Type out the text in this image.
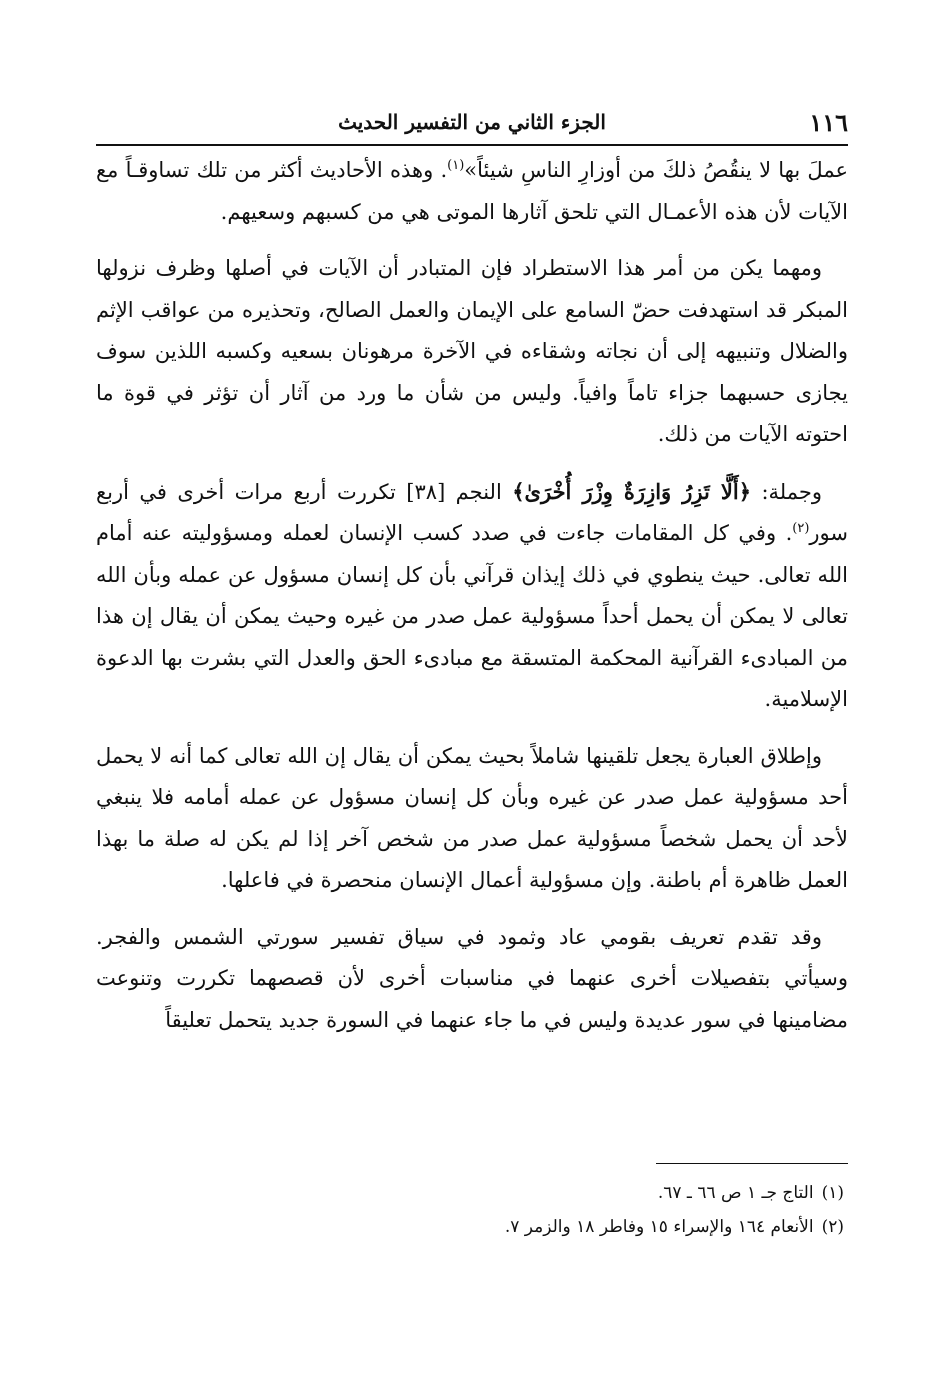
١١٦
الجزء الثاني من التفسير الحديث

عملَ بها لا ينقُصُ ذلكَ من أوزارِ الناسِ شيئاً»$^{(١)}$. وهذه الأحاديث أكثر من تلك تساوقـاً مع الآيات لأن هذه الأعمـال التي تلحق آثارها الموتى هي من كسبهم وسعيهم.

ومهما يكن من أمر هذا الاستطراد فإن المتبادر أن الآيات في أصلها وظرف نزولها المبكر قد استهدفت حضّ السامع على الإيمان والعمل الصالح، وتحذيره من عواقب الإثم والضلال وتنبيهه إلى أن نجاته وشقاءه في الآخرة مرهونان بسعيه وكسبه اللذين سوف يجازى حسبهما جزاء تاماً وافياً. وليس من شأن ما ورد من آثار أن تؤثر في قوة ما احتوته الآيات من ذلك.

وجملة: ﴿أَلَّا تَزِرُ وَازِرَةٌ وِزْرَ أُخْرَىٰ﴾ النجم [٣٨] تكررت أربع مرات أخرى في أربع سور$^{(٢)}$. وفي كل المقامات جاءت في صدد كسب الإنسان لعمله ومسؤوليته عنه أمام الله تعالى. حيث ينطوي في ذلك إيذان قرآني بأن كل إنسان مسؤول عن عمله وبأن الله تعالى لا يمكن أن يحمل أحداً مسؤولية عمل صدر من غيره وحيث يمكن أن يقال إن هذا من المبادىء القرآنية المحكمة المتسقة مع مبادىء الحق والعدل التي بشرت بها الدعوة الإسلامية.

وإطلاق العبارة يجعل تلقينها شاملاً بحيث يمكن أن يقال إن الله تعالى كما أنه لا يحمل أحد مسؤولية عمل صدر عن غيره وبأن كل إنسان مسؤول عن عمله أمامه فلا ينبغي لأحد أن يحمل شخصاً مسؤولية عمل صدر من شخص آخر إذا لم يكن له صلة ما بهذا العمل ظاهرة أم باطنة. وإن مسؤولية أعمال الإنسان منحصرة في فاعلها.

وقد تقدم تعريف بقومي عاد وثمود في سياق تفسير سورتي الشمس والفجر. وسيأتي بتفصيلات أخرى عنهما في مناسبات أخرى لأن قصصهما تكررت وتنوعت مضامينها في سور عديدة وليس في ما جاء عنهما في السورة جديد يتحمل تعليقاً

(١)التاج جـ ١ ص ٦٦ ـ ٦٧.
(٢)الأنعام ١٦٤ والإسراء ١٥ وفاطر ١٨ والزمر ٧.
